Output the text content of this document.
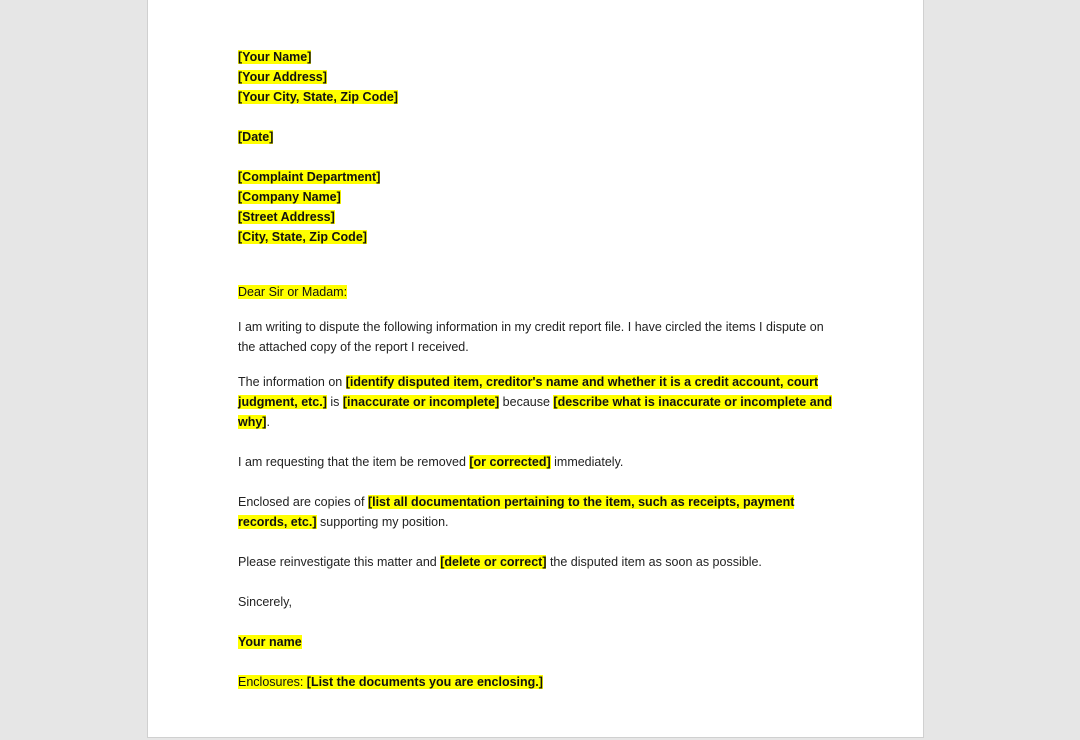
[Your Name]
[Your Address]
[Your City, State, Zip Code]
[Date]
[Complaint Department]
[Company Name]
[Street Address]
[City, State, Zip Code]
Dear Sir or Madam:
I am writing to dispute the following information in my credit report file. I have circled the items I dispute on the attached copy of the report I received.
The information on [identify disputed item, creditor's name and whether it is a credit account, court judgment, etc.] is [inaccurate or incomplete] because [describe what is inaccurate or incomplete and why].
I am requesting that the item be removed [or corrected] immediately.
Enclosed are copies of [list all documentation pertaining to the item, such as receipts, payment records, etc.] supporting my position.
Please reinvestigate this matter and [delete or correct] the disputed item as soon as possible.
Sincerely,
Your name
Enclosures: [List the documents you are enclosing.]
